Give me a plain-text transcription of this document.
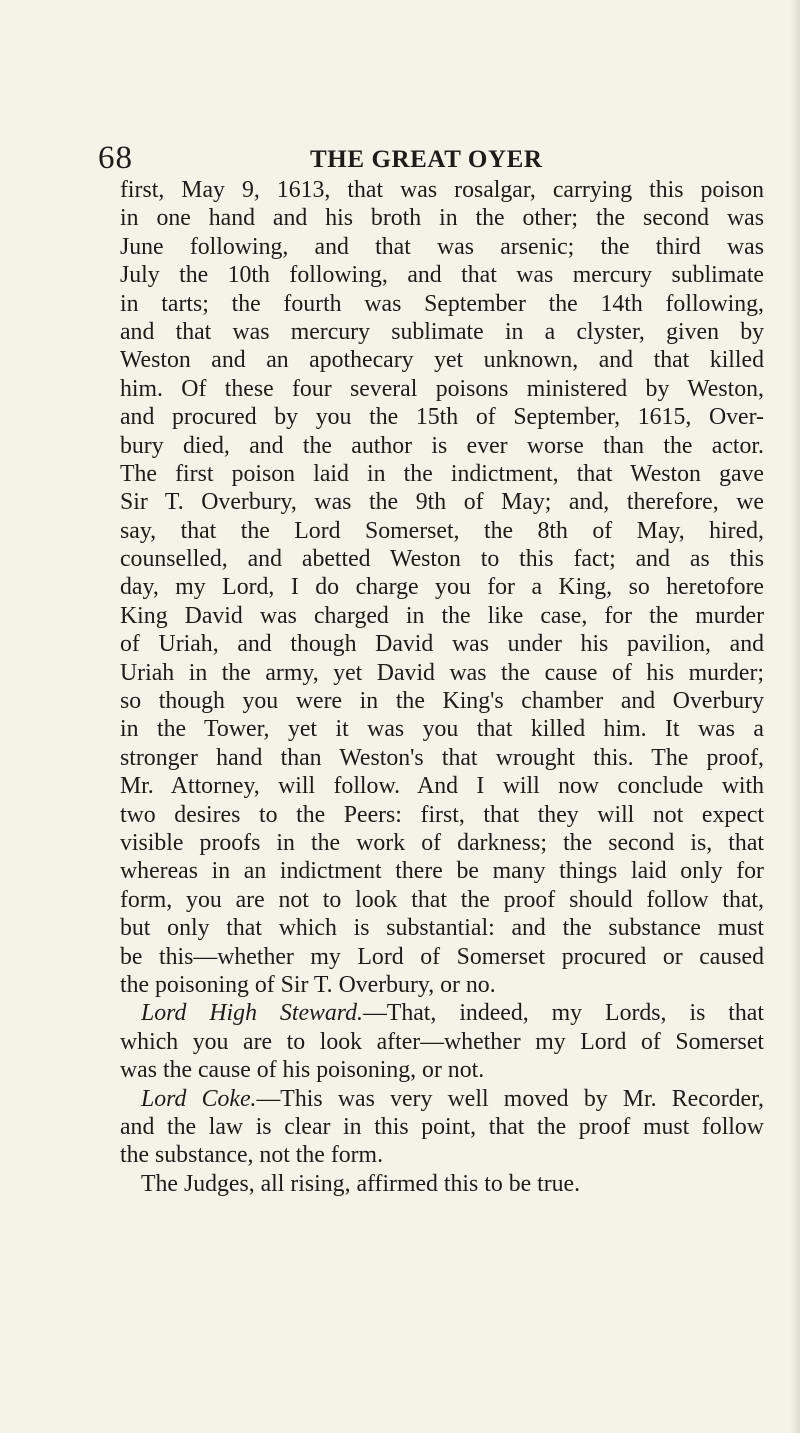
68	THE GREAT OYER
first, May 9, 1613, that was rosalgar, carrying this poison
in one hand and his broth in the other; the second was
June following, and that was arsenic; the third was
July the 10th following, and that was mercury sublimate
in tarts; the fourth was September the 14th following,
and that was mercury sublimate in a clyster, given by
Weston and an apothecary yet unknown, and that killed
him. Of these four several poisons ministered by Weston,
and procured by you the 15th of September, 1615, Over-
bury died, and the author is ever worse than the actor.
The first poison laid in the indictment, that Weston gave
Sir T. Overbury, was the 9th of May; and, therefore, we
say, that the Lord Somerset, the 8th of May, hired,
counselled, and abetted Weston to this fact; and as this
day, my Lord, I do charge you for a King, so heretofore
King David was charged in the like case, for the murder
of Uriah, and though David was under his pavilion, and
Uriah in the army, yet David was the cause of his murder;
so though you were in the King's chamber and Overbury
in the Tower, yet it was you that killed him. It was a
stronger hand than Weston's that wrought this. The proof,
Mr. Attorney, will follow. And I will now conclude with
two desires to the Peers: first, that they will not expect
visible proofs in the work of darkness; the second is, that
whereas in an indictment there be many things laid only for
form, you are not to look that the proof should follow that,
but only that which is substantial: and the substance must
be this—whether my Lord of Somerset procured or caused
the poisoning of Sir T. Overbury, or no.
Lord High Steward.—That, indeed, my Lords, is that
which you are to look after—whether my Lord of Somerset
was the cause of his poisoning, or not.
Lord Coke.—This was very well moved by Mr. Recorder,
and the law is clear in this point, that the proof must follow
the substance, not the form.
The Judges, all rising, affirmed this to be true.
